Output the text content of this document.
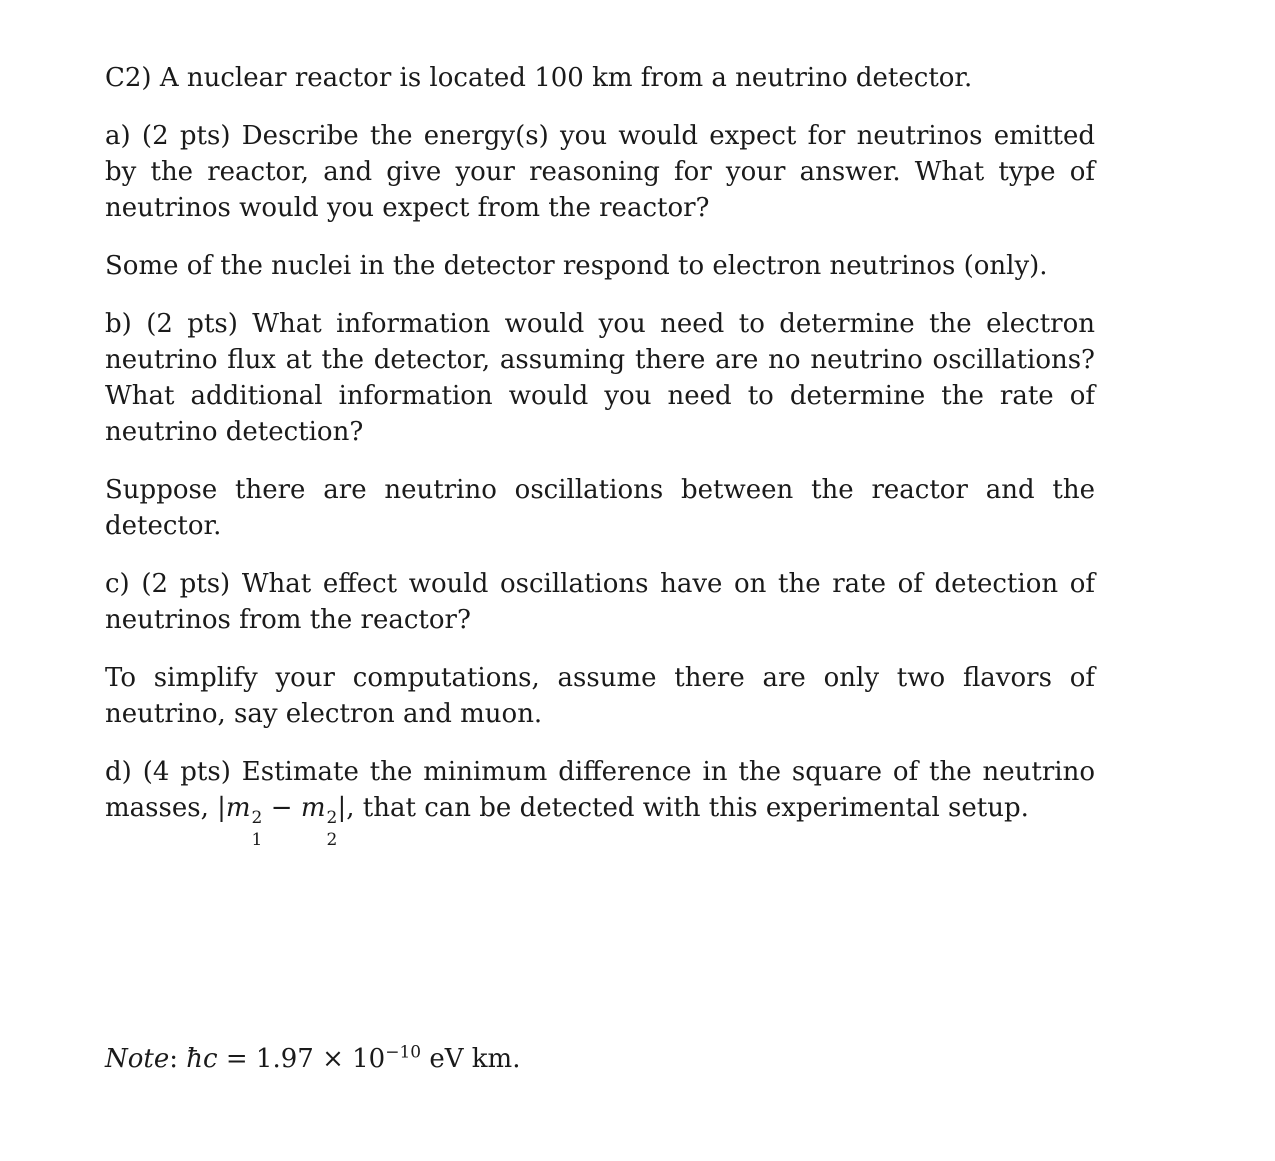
C2) A nuclear reactor is located 100 km from a neutrino detector.

a) (2 pts) Describe the energy(s) you would expect for neutrinos emitted by the reactor, and give your reasoning for your answer. What type of neutrinos would you expect from the reactor?

Some of the nuclei in the detector respond to electron neutrinos (only).

b) (2 pts) What information would you need to determine the electron neutrino flux at the detector, assuming there are no neutrino oscillations? What additional information would you need to determine the rate of neutrino detection?

Suppose there are neutrino oscillations between the reactor and the detector.

c) (2 pts) What effect would oscillations have on the rate of detection of neutrinos from the reactor?

To simplify your computations, assume there are only two flavors of neutrino, say electron and muon.

d) (4 pts) Estimate the minimum difference in the square of the neutrino masses, |m 2
1
− m 2
2
|, that can be detected with this experimental setup.

Note: ħc = $1.97 \times 10^{-10}$ eV km.
